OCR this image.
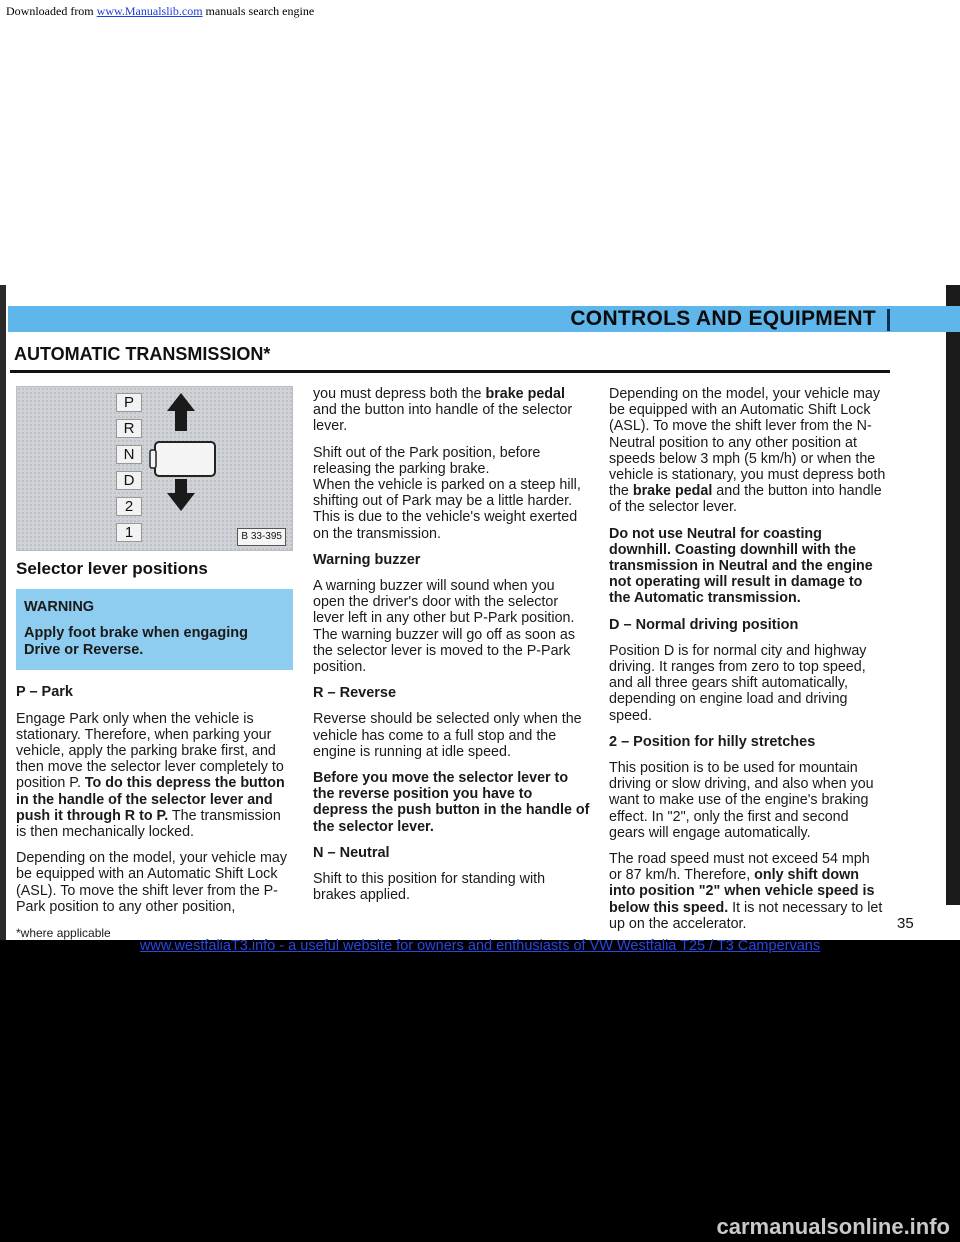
Downloaded from www.Manualslib.com manuals search engine
CONTROLS AND EQUIPMENT
AUTOMATIC TRANSMISSION*
P
R
N
D
2
1	B 33-395
Selector lever positions
WARNING
Apply foot brake when engaging Drive or Reverse.
P – Park

Engage Park only when the vehicle is stationary. Therefore, when parking your vehicle, apply the parking brake first, and then move the selector lever completely to position P. To do this depress the button in the handle of the selector lever and push it through R to P. The transmission is then mechanically locked.

Depending on the model, your vehicle may be equipped with an Automatic Shift Lock (ASL). To move the shift lever from the P-Park position to any other position,

*where applicable

you must depress both the brake pedal and the button into handle of the selector lever.

Shift out of the Park position, before releasing the parking brake.

When the vehicle is parked on a steep hill, shifting out of Park may be a little harder. This is due to the vehicle's weight exerted on the transmission.

Warning buzzer

A warning buzzer will sound when you open the driver's door with the selector lever left in any other but P-Park position. The warning buzzer will go off as soon as the selector lever is moved to the P-Park position.

R – Reverse

Reverse should be selected only when the vehicle has come to a full stop and the engine is running at idle speed.

Before you move the selector lever to the reverse position you have to depress the push button in the handle of the selector lever.

N – Neutral

Shift to this position for standing with brakes applied.

Depending on the model, your vehicle may be equipped with an Automatic Shift Lock (ASL). To move the shift lever from the N-Neutral position to any other position at speeds below 3 mph (5 km/h) or when the vehicle is stationary, you must depress both the brake pedal and the button into handle of the selector lever.

Do not use Neutral for coasting downhill. Coasting downhill with the transmission in Neutral and the engine not operating will result in damage to the Automatic transmission.

D – Normal driving position

Position D is for normal city and highway driving. It ranges from zero to top speed, and all three gears shift automatically, depending on engine load and driving speed.

2 – Position for hilly stretches

This position is to be used for mountain driving or slow driving, and also when you want to make use of the engine's braking effect. In "2", only the first and second gears will engage automatically.

The road speed must not exceed 54 mph or 87 km/h. Therefore, only shift down into position "2" when vehicle speed is below this speed. It is not necessary to let up on the accelerator.	35
www.westfaliaT3.info - a useful website for owners and enthusiasts of VW Westfalia T25 / T3 Campervans
carmanualsonline.info
